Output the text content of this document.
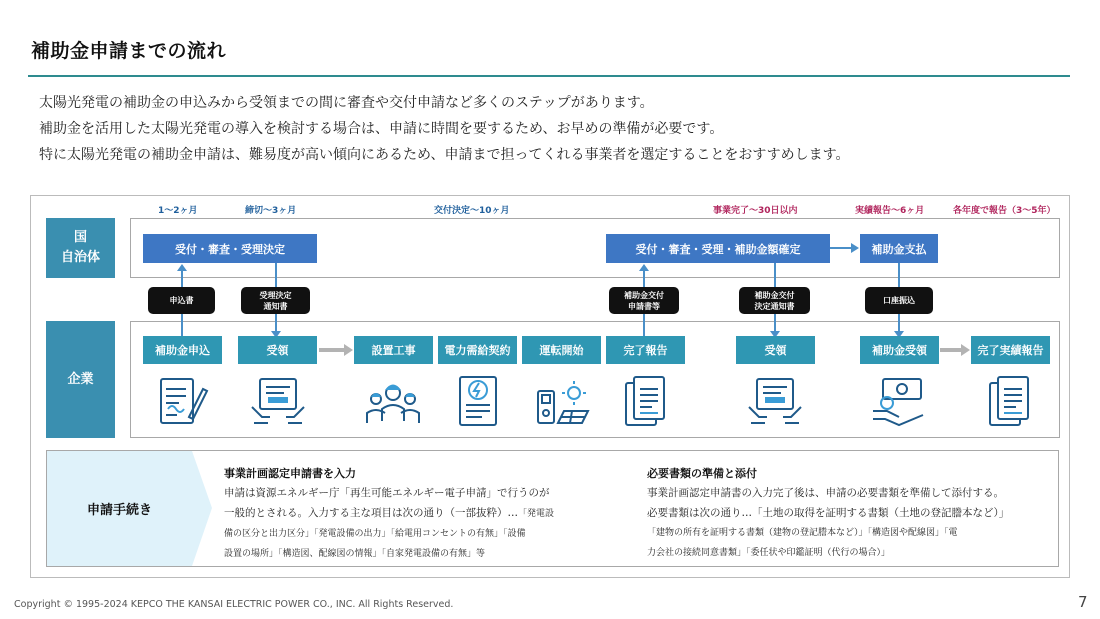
補助金申請までの流れ
太陽光発電の補助金の申込みから受領までの間に審査や交付申請など多くのステップがあります。
補助金を活用した太陽光発電の導入を検討する場合は、申請に時間を要するため、お早めの準備が必要です。
特に太陽光発電の補助金申請は、難易度が高い傾向にあるため、申請まで担ってくれる事業者を選定することをおすすめします。
1～2ヶ月	締切～3ヶ月	交付決定～10ヶ月	事業完了～30日以内	実績報告～6ヶ月	各年度で報告（3～5年）
国
自治体
企業
受付・審査・受理決定	受付・審査・受理・補助金額確定	補助金支払
申込書
受理決定
通知書
補助金交付
申請書等
補助金交付
決定通知書
口座振込
補助金申込	受領	設置工事	電力需給契約	運転開始	完了報告	受領	補助金受領	完了実績報告
申請手続き
事業計画認定申請書を入力
申請は資源エネルギー庁「再生可能エネルギー電子申請」で行うのが
一般的とされる。入力する主な項目は次の通り（一部抜粋）…「発電設
備の区分と出力区分」「発電設備の出力」「給電用コンセントの有無」「設備
設置の場所」「構造図、配線図の情報」「自家発電設備の有無」等
必要書類の準備と添付
事業計画認定申請書の入力完了後は、申請の必要書類を準備して添付する。
必要書類は次の通り…「土地の取得を証明する書類（土地の登記謄本など）」
「建物の所有を証明する書類（建物の登記謄本など）」「構造図や配線図」「電
力会社の接続同意書類」「委任状や印鑑証明（代行の場合）」
Copyright © 1995-2024 KEPCO THE KANSAI ELECTRIC POWER CO., INC. All Rights Reserved.	7
